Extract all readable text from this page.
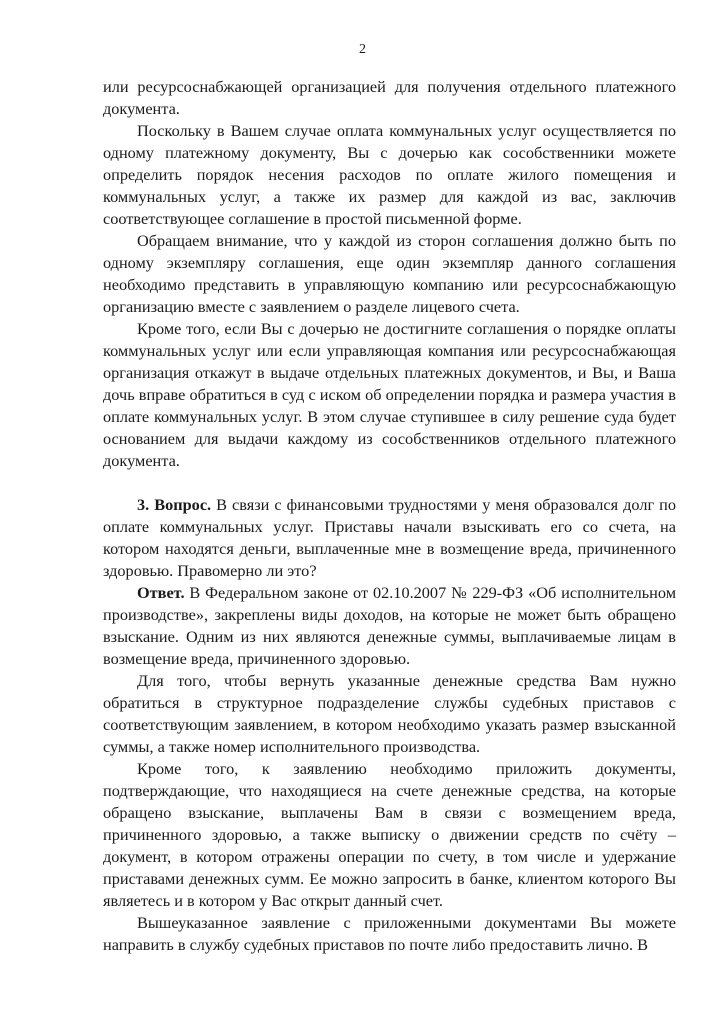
2

или ресурсоснабжающей организацией для получения отдельного платежного документа.

Поскольку в Вашем случае оплата коммунальных услуг осуществляется по одному платежному документу, Вы с дочерью как сособственники можете определить порядок несения расходов по оплате жилого помещения и коммунальных услуг, а также их размер для каждой из вас, заключив соответствующее соглашение в простой письменной форме.

Обращаем внимание, что у каждой из сторон соглашения должно быть по одному экземпляру соглашения, еще один экземпляр данного соглашения необходимо представить в управляющую компанию или ресурсоснабжающую организацию вместе с заявлением о разделе лицевого счета.

Кроме того, если Вы с дочерью не достигните соглашения о порядке оплаты коммунальных услуг или если управляющая компания или ресурсоснабжающая организация откажут в выдаче отдельных платежных документов, и Вы, и Ваша дочь вправе обратиться в суд с иском об определении порядка и размера участия в оплате коммунальных услуг. В этом случае ступившее в силу решение суда будет основанием для выдачи каждому из сособственников отдельного платежного документа.

3. Вопрос. В связи с финансовыми трудностями у меня образовался долг по оплате коммунальных услуг. Приставы начали взыскивать его со счета, на котором находятся деньги, выплаченные мне в возмещение вреда, причиненного здоровью. Правомерно ли это?

Ответ. В Федеральном законе от 02.10.2007 № 229-ФЗ «Об исполнительном производстве», закреплены виды доходов, на которые не может быть обращено взыскание. Одним из них являются денежные суммы, выплачиваемые лицам в возмещение вреда, причиненного здоровью.

Для того, чтобы вернуть указанные денежные средства Вам нужно обратиться в структурное подразделение службы судебных приставов с соответствующим заявлением, в котором необходимо указать размер взысканной суммы, а также номер исполнительного производства.

Кроме того, к заявлению необходимо приложить документы, подтверждающие, что находящиеся на счете денежные средства, на которые обращено взыскание, выплачены Вам в связи с возмещением вреда, причиненного здоровью, а также выписку о движении средств по счёту – документ, в котором отражены операции по счету, в том числе и удержание приставами денежных сумм. Ее можно запросить в банке, клиентом которого Вы являетесь и в котором у Вас открыт данный счет.

Вышеуказанное заявление с приложенными документами Вы можете направить в службу судебных приставов по почте либо предоставить лично. В
